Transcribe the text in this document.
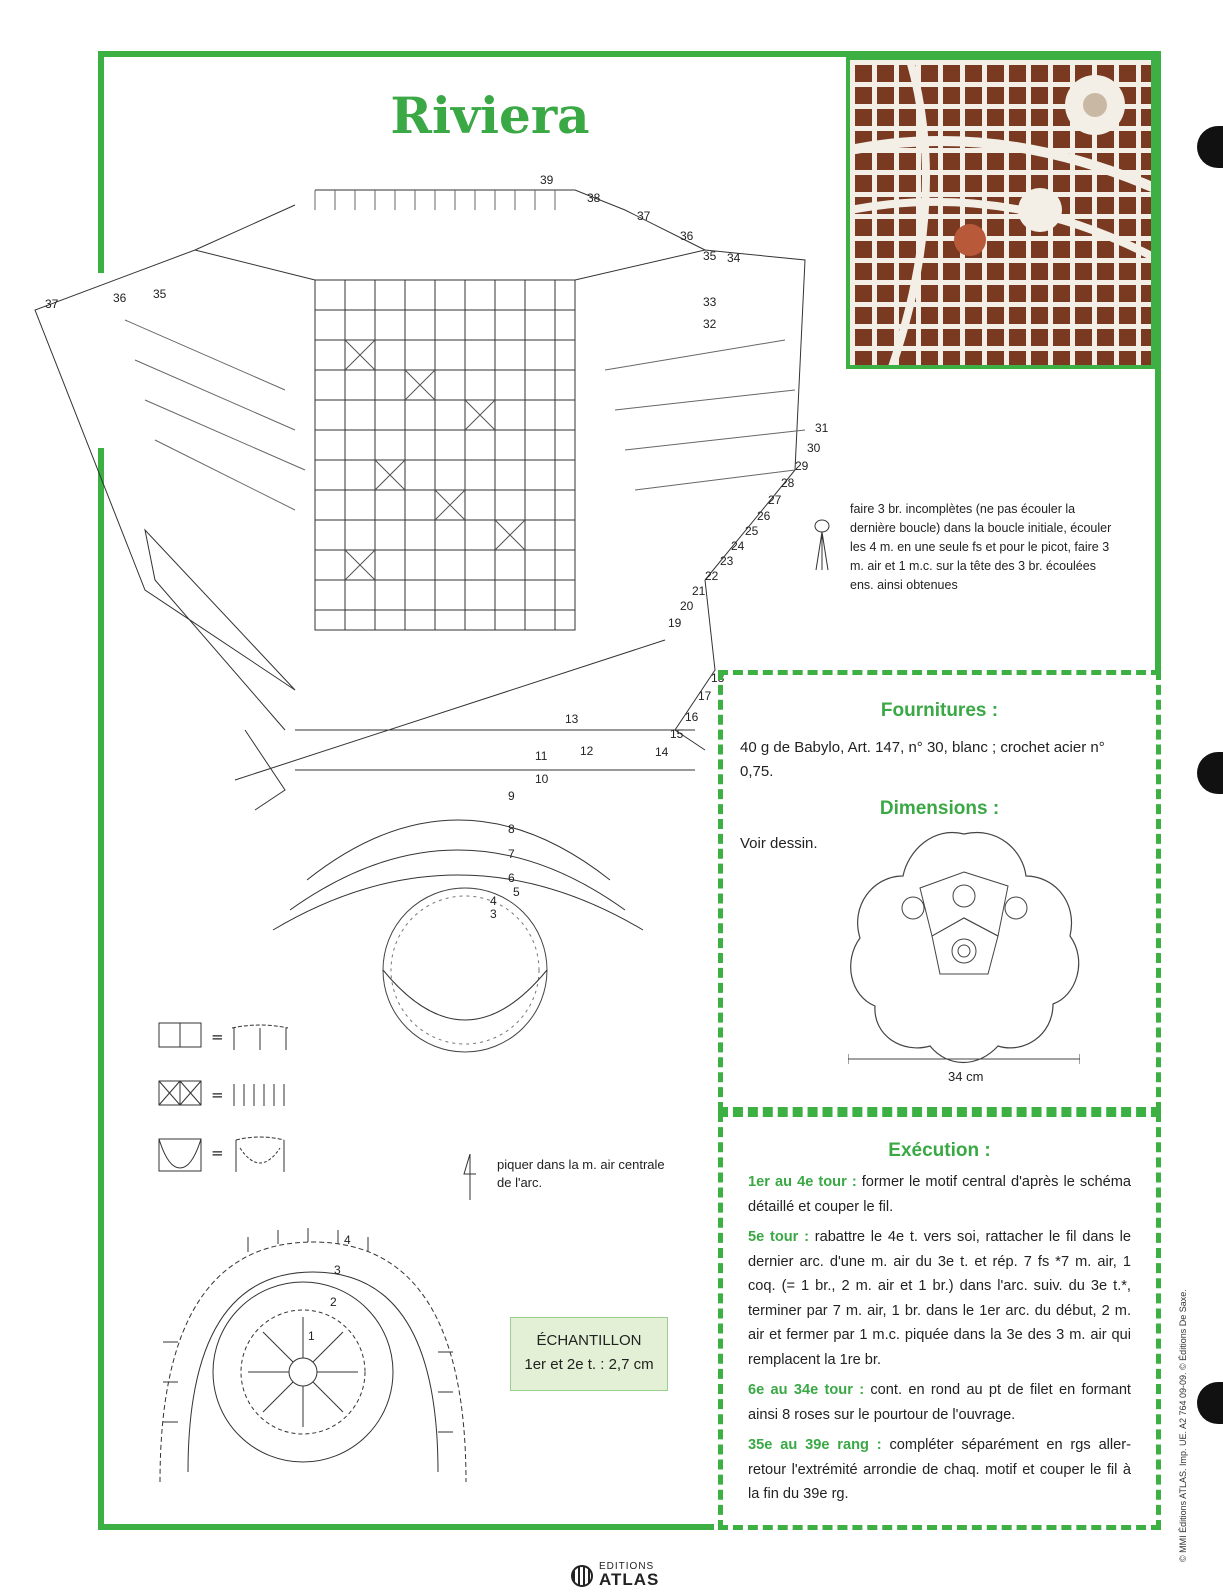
Riviera
39
38
37
36
35 34
33
32
31
30
29
28
27
26
25
24
23
22
21
20
19
18
17
16
15
14
13
12
11
10
9
8
7
6
5
4
3
37	36 35
faire 3 br. incomplètes (ne pas écouler la dernière boucle) dans la boucle initiale, écouler les 4 m. en une seule fs et pour le picot, faire 3 m. air et 1 m.c. sur la tête des 3 br. écoulées ens. ainsi obtenues
Fournitures :
40 g de Babylo, Art. 147, n° 30, blanc ; crochet acier n° 0,75.
Dimensions :
Voir dessin.
34 cm
Exécution :

1er au 4e tour : former le motif central d'après le schéma détaillé et couper le fil.

5e tour : rabattre le 4e t. vers soi, rattacher le fil dans le dernier arc. d'une m. air du 3e t. et rép. 7 fs *7 m. air, 1 coq. (= 1 br., 2 m. air et 1 br.) dans l'arc. suiv. du 3e t.*, terminer par 7 m. air, 1 br. dans le 1er arc. du début, 2 m. air et fermer par 1 m.c. piquée dans la 3e des 3 m. air qui remplacent la 1re br.

6e au 34e tour : cont. en rond au pt de filet en formant ainsi 8 roses sur le pourtour de l'ouvrage.

35e au 39e rang : compléter séparément en rgs aller-retour l'extrémité arrondie de chaq. motif et couper le fil à la fin du 39e rg.

=
=
=
4
3
2
1
piquer dans la m. air centrale de l'arc.
ÉCHANTILLON
1er et 2e t. : 2,7 cm	© MMI Éditions ATLAS. Imp. UE. A2 764 09-09. © Éditions De Saxe.
EDITIONS
ATLAS
